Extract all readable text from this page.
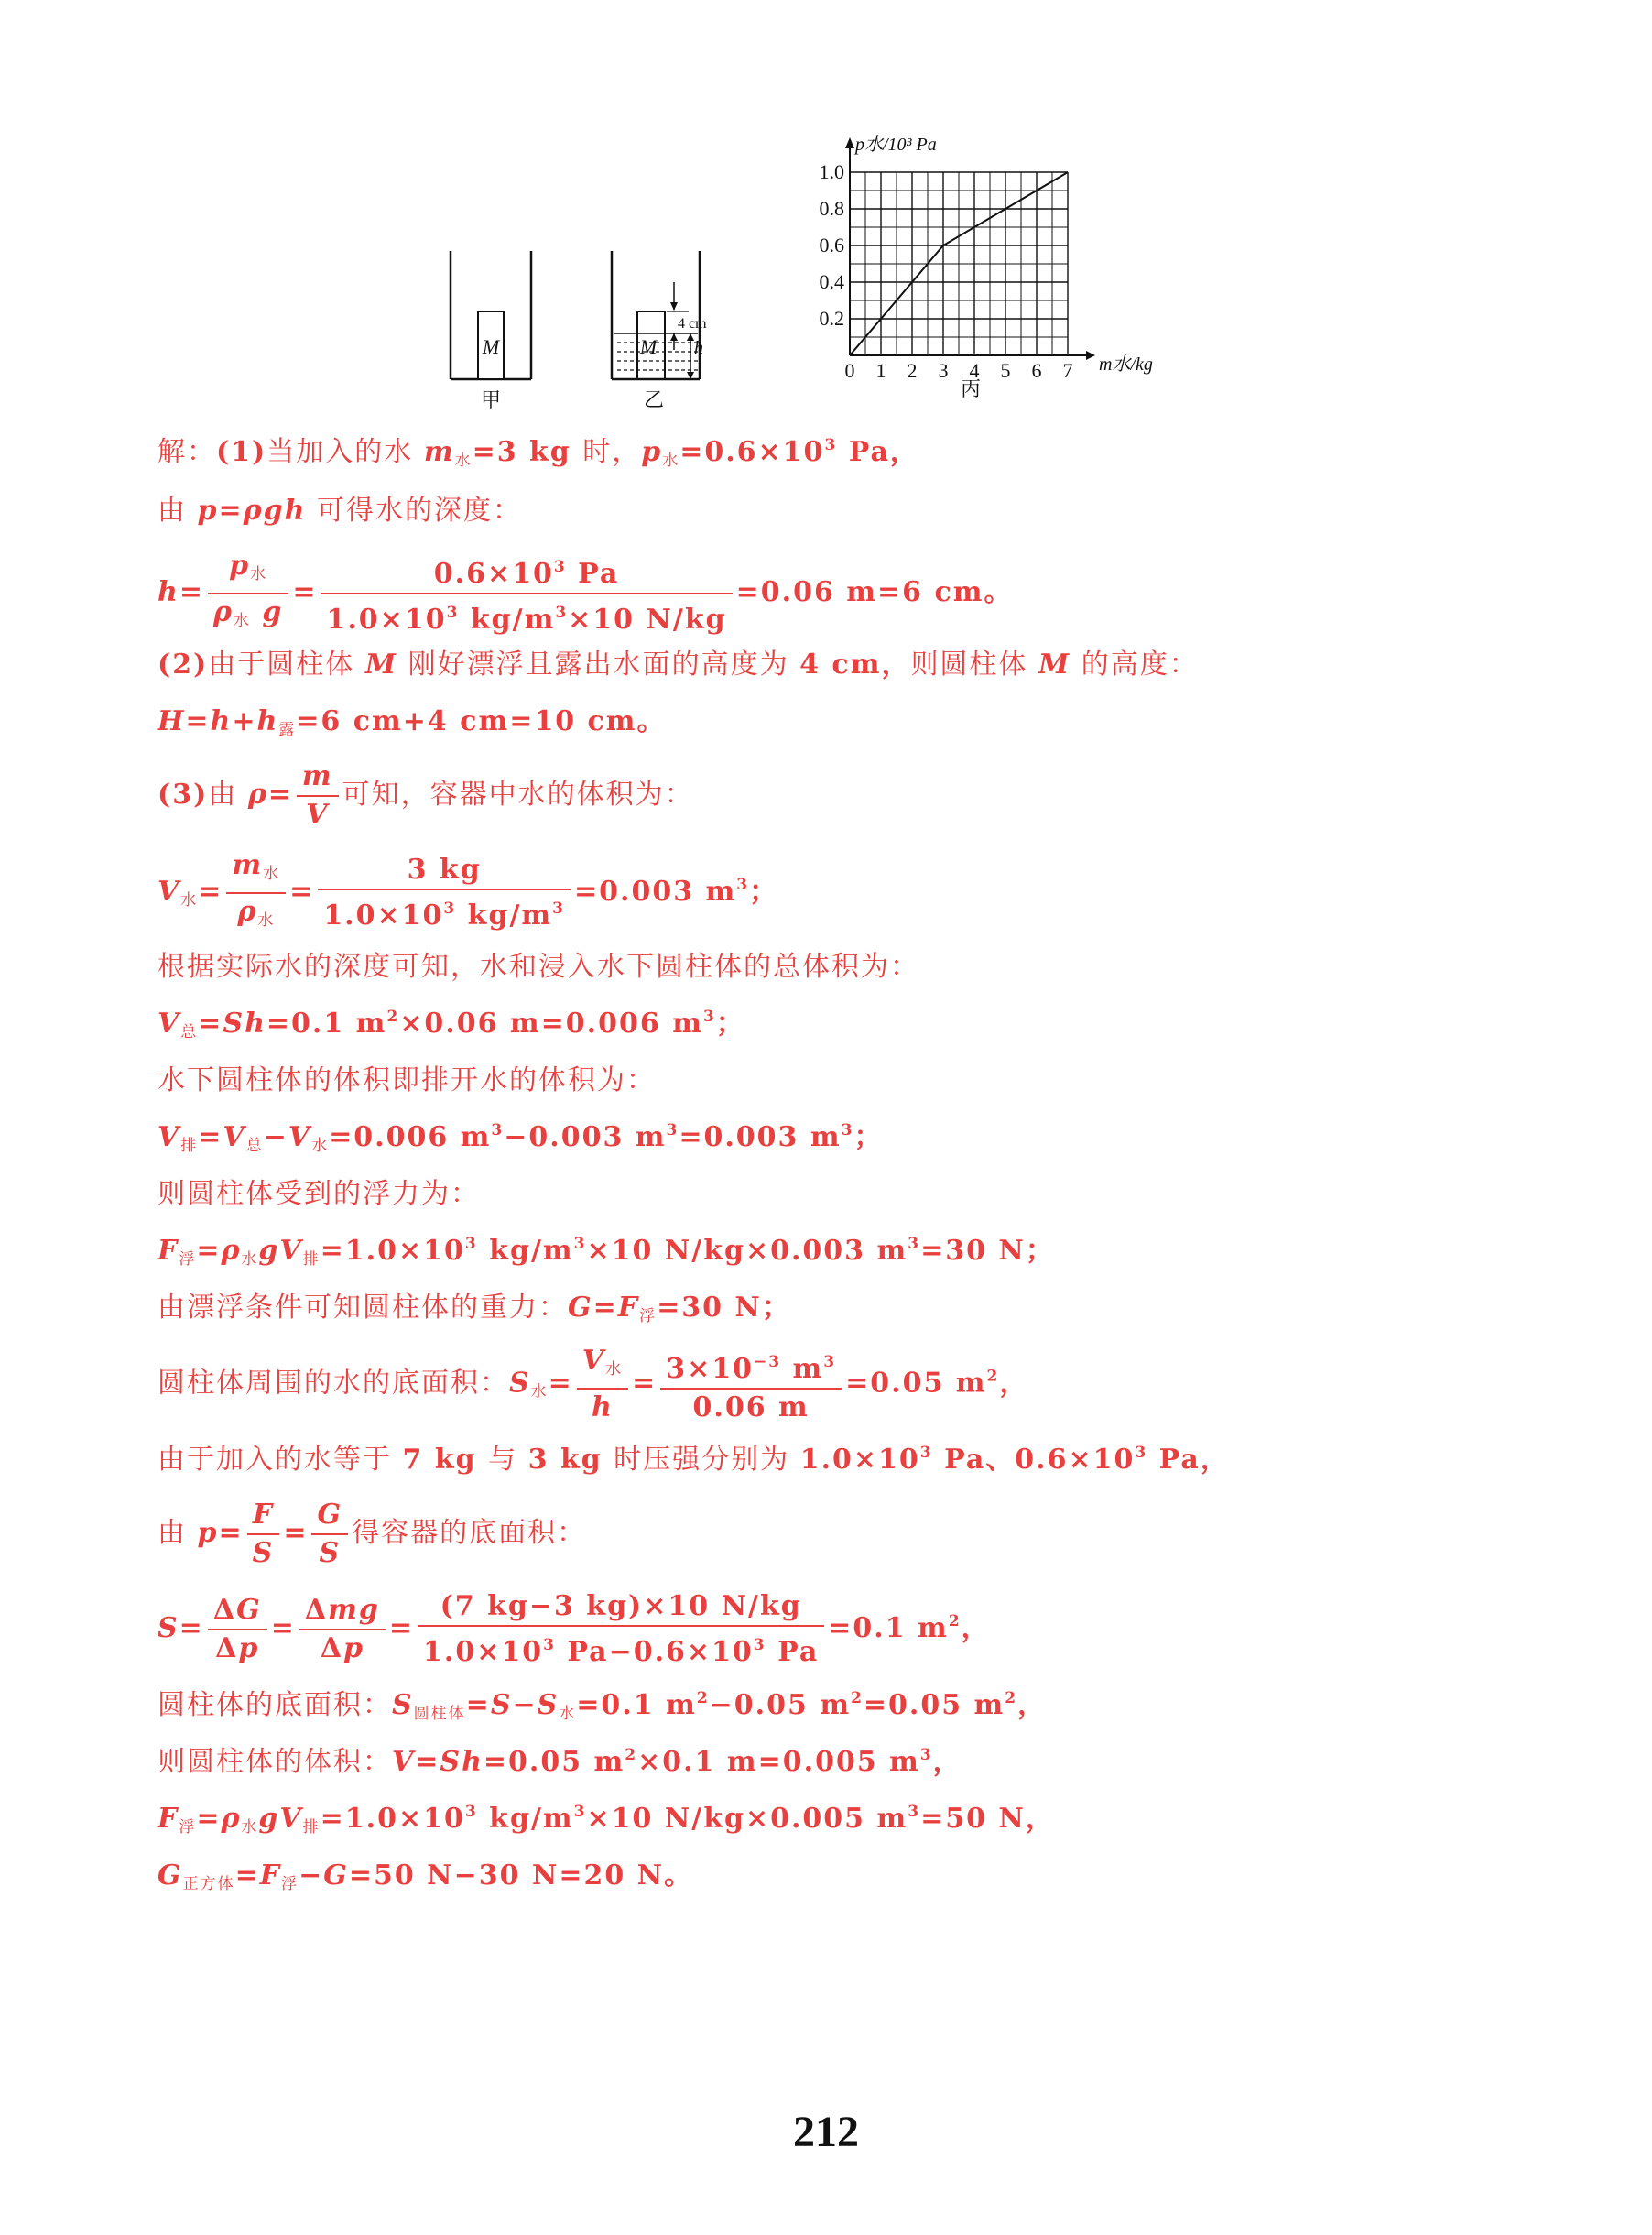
M
甲
M
4 cm
h
乙
p水/10³ Pa
m水/kg
0 1 2 3 4 5 6 7
0.2
0.4
0.6
0.8
1.0
丙
解：(1)当加入的水 $m_水=3$ kg 时，$p_水=0.6\times 10^3$ Pa，
由 p=ρgh 可得水的深度：
$h= \frac{p_水}{\rho_水 g} = \frac{0.6\times 10^3 Pa}{1.0\times 10^3 kg/m^3\times 10 N/kg} =0.06$ m=6 cm。
(2)由于圆柱体 M 刚好漂浮且露出水面的高度为 4 cm，则圆柱体 M 的高度：
$H=h+h_露=6$ cm+4 cm=10 cm。
(3)由 $\rho= \frac{m}{V}$ 可知，容器中水的体积为：
$V_水= \frac{m_水}{\rho_水} = \frac{3 kg}{1.0\times 10^3 kg/m^3} =0.003$ $m^3$；
根据实际水的深度可知，水和浸入水下圆柱体的总体积为：
$V_总=Sh=0.1$ $m^2\times 0.06$ m=0.006 $m^3$；
水下圆柱体的体积即排开水的体积为：
$V_排=V_总-V_水=0.006$ $m^3-0.003$ $m^3=0.003$ $m^3$；
则圆柱体受到的浮力为：
$F_浮=\rho_水gV_排=1.0\times 10^3$ $kg/m^3\times 10$ N/kg×0.003 $m^3=30$ N；
由漂浮条件可知圆柱体的重力：$G=F_浮=30$ N；
圆柱体周围的水的底面积：$S_水= \frac{V_水}{h} = \frac{3\times 10^{-3} m^3}{0.06 m} =0.05$ $m^2$，
由于加入的水等于 7 kg 与 3 kg 时压强分别为 $1.0\times 10^3$ Pa、$0.6\times 10^3$ Pa，
由 $p= \frac{F}{S} = \frac{G}{S}$ 得容器的底面积：
$S= \frac{\Delta G}{\Delta p} = \frac{\text{Δmg}}{\Delta p} = \frac{(7 kg-3 kg)\times 10 N/kg}{1.0\times 10^3 Pa-0.6\times 10^3 Pa} =0.1$ $m^2$，
圆柱体的底面积：$S_{圆柱体}=S-S_水=0.1$ $m^2-0.05$ $m^2=0.05$ $m^2$，
则圆柱体的体积：V=Sh=0.05 $m^2\times 0.1$ m=0.005 $m^3$，
$F_浮=\rho_水gV_排=1.0\times 10^3$ $kg/m^3\times 10$ N/kg×0.005 $m^3=50$ N，
$G_{正方体}=F_浮-G=50$ N−30 N=20 N。
212
